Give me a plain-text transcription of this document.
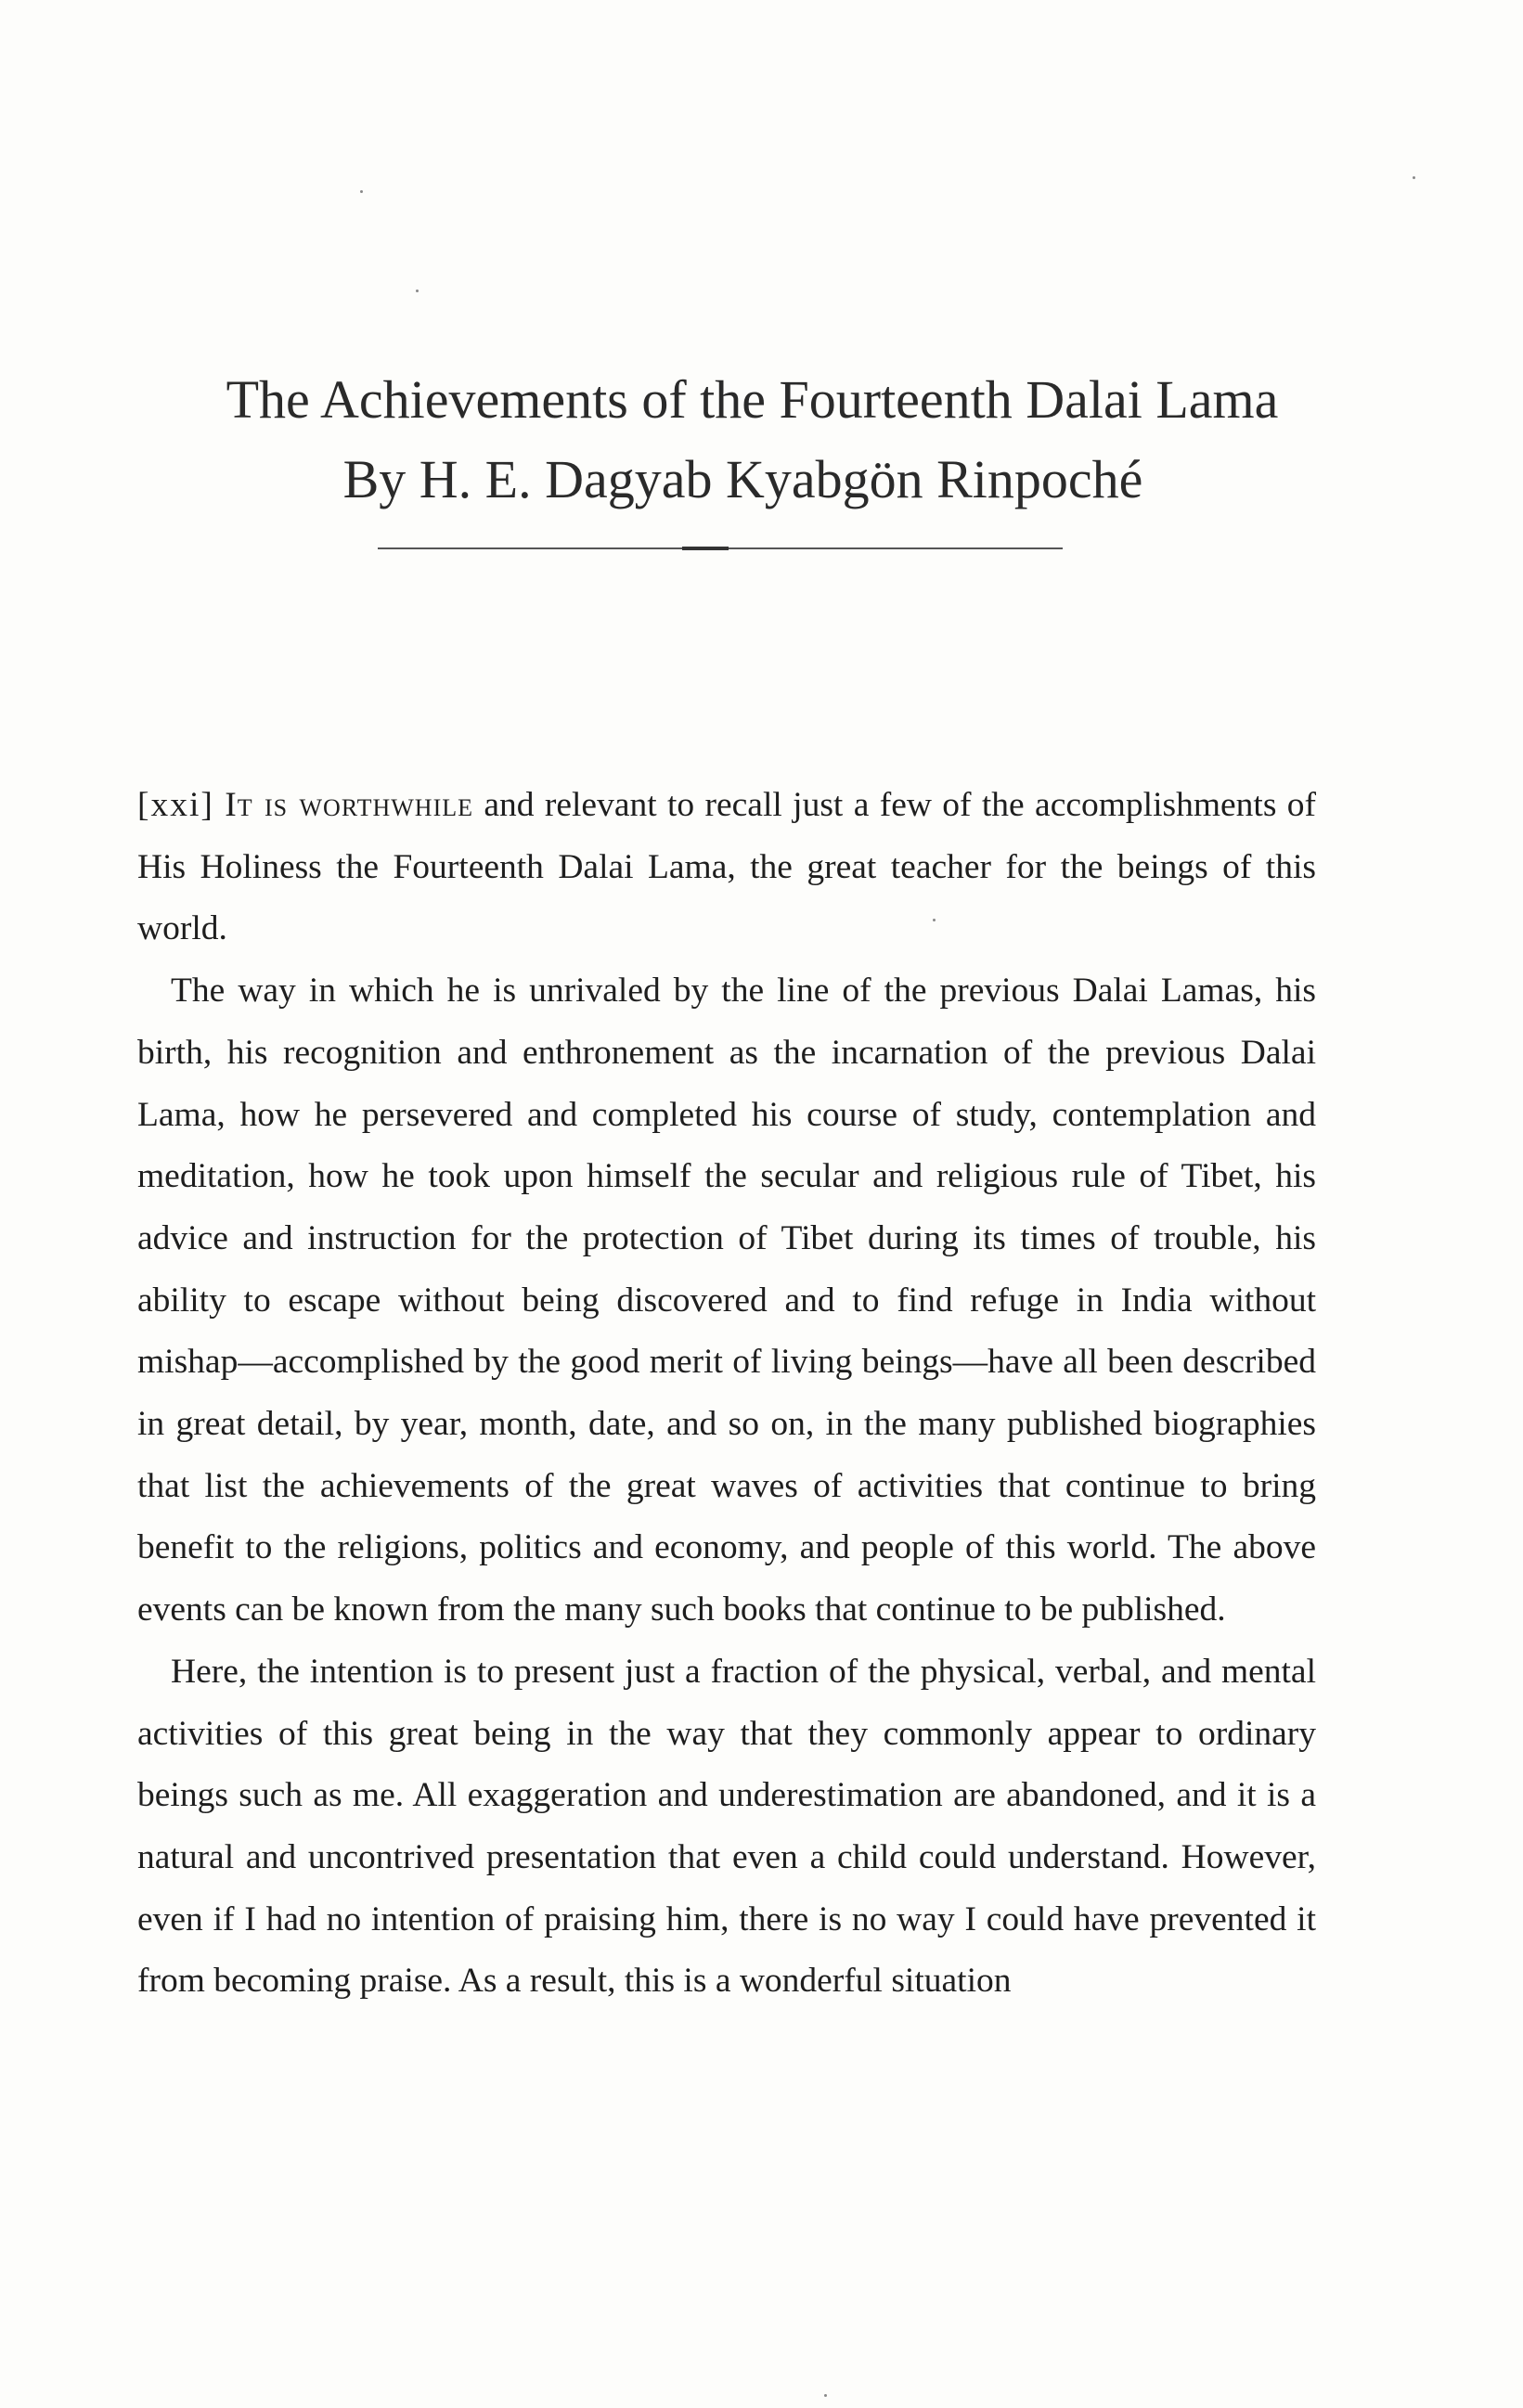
The Achievements of the Fourteenth Dalai Lama
By H. E. Dagyab Kyabgön Rinpoché

[xxi] It is worthwhile and relevant to recall just a few of the accomplishments of His Holiness the Fourteenth Dalai Lama, the great teacher for the beings of this world.

The way in which he is unrivaled by the line of the previous Dalai Lamas, his birth, his recognition and enthronement as the incarnation of the previous Dalai Lama, how he persevered and completed his course of study, contemplation and meditation, how he took upon himself the secular and religious rule of Tibet, his advice and instruction for the protection of Tibet during its times of trouble, his ability to escape without being discovered and to find refuge in India without mishap—accomplished by the good merit of living beings—have all been described in great detail, by year, month, date, and so on, in the many published biographies that list the achievements of the great waves of activities that continue to bring benefit to the religions, politics and economy, and people of this world. The above events can be known from the many such books that continue to be published.

Here, the intention is to present just a fraction of the physical, verbal, and mental activities of this great being in the way that they commonly appear to ordinary beings such as me. All exaggeration and underestimation are abandoned, and it is a natural and uncontrived presentation that even a child could understand. However, even if I had no intention of praising him, there is no way I could have prevented it from becoming praise. As a result, this is a wonderful situation
